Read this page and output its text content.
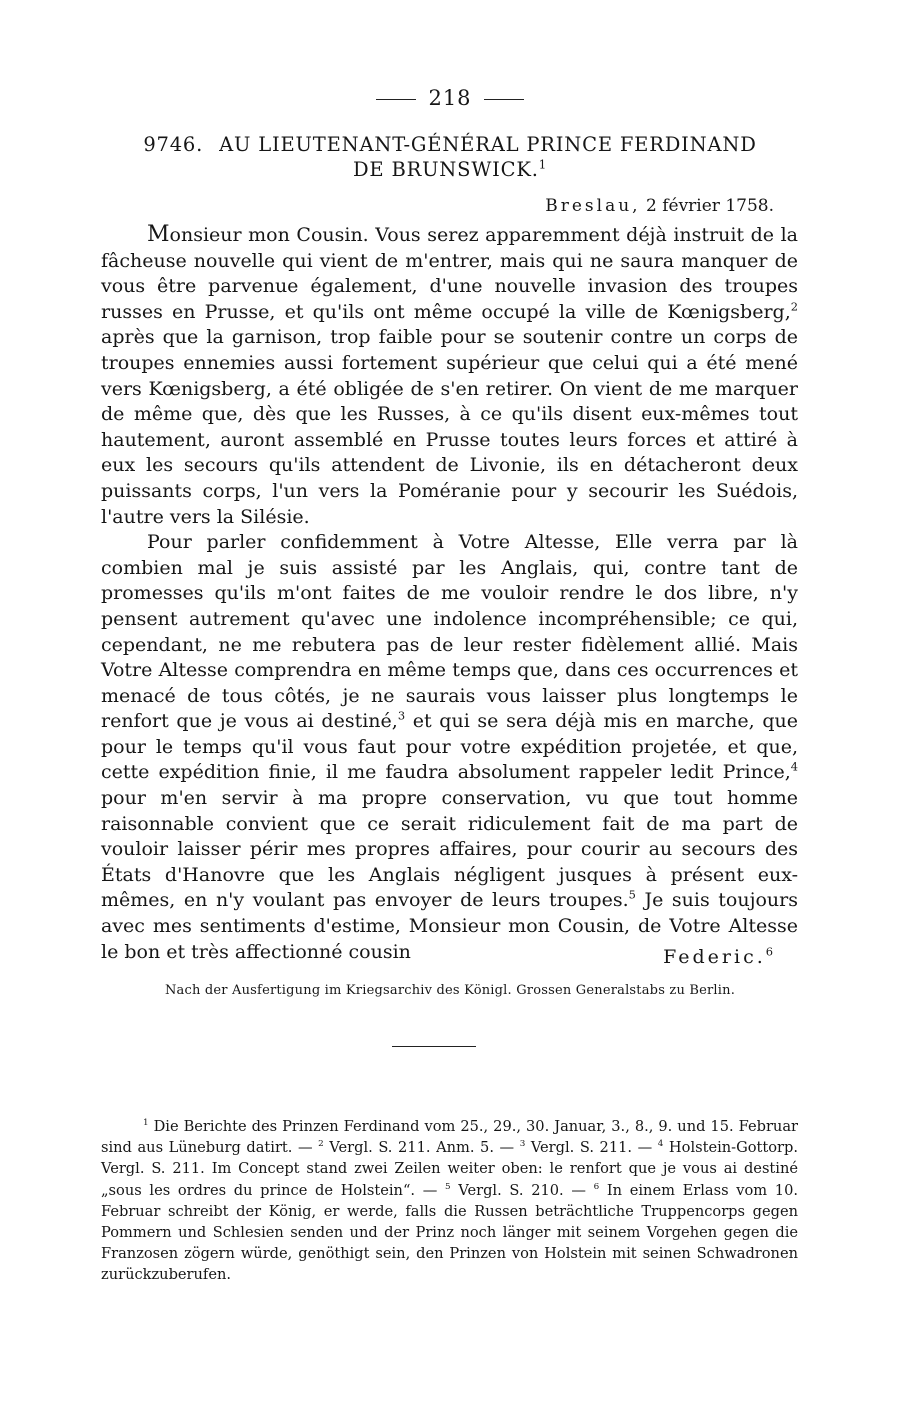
218
9746. AU LIEUTENANT-GÉNÉRAL PRINCE FERDINAND
DE BRUNSWICK.$^1$
Breslau, 2 février 1758.

Monsieur mon Cousin. Vous serez apparemment déjà instruit de la fâcheuse nouvelle qui vient de m'entrer, mais qui ne saura manquer de vous être parvenue également, d'une nouvelle invasion des troupes russes en Prusse, et qu'ils ont même occupé la ville de Kœnigsberg,$^2$ après que la garnison, trop faible pour se soutenir contre un corps de troupes ennemies aussi fortement supérieur que celui qui a été mené vers Kœnigsberg, a été obligée de s'en retirer. On vient de me marquer de même que, dès que les Russes, à ce qu'ils disent eux-mêmes tout hautement, auront assemblé en Prusse toutes leurs forces et attiré à eux les secours qu'ils attendent de Livonie, ils en détacheront deux puissants corps, l'un vers la Poméranie pour y secourir les Suédois, l'autre vers la Silésie.

Pour parler confidemment à Votre Altesse, Elle verra par là combien mal je suis assisté par les Anglais, qui, contre tant de promesses qu'ils m'ont faites de me vouloir rendre le dos libre, n'y pensent autrement qu'avec une indolence incompréhensible; ce qui, cependant, ne me rebutera pas de leur rester fidèlement allié. Mais Votre Altesse comprendra en même temps que, dans ces occurrences et menacé de tous côtés, je ne saurais vous laisser plus longtemps le renfort que je vous ai destiné,$^3$ et qui se sera déjà mis en marche, que pour le temps qu'il vous faut pour votre expédition projetée, et que, cette expédition finie, il me faudra absolument rappeler ledit Prince,$^4$ pour m'en servir à ma propre conservation, vu que tout homme raisonnable convient que ce serait ridiculement fait de ma part de vouloir laisser périr mes propres affaires, pour courir au secours des États d'Hanovre que les Anglais négligent jusques à présent eux-mêmes, en n'y voulant pas envoyer de leurs troupes.$^5$ Je suis toujours avec mes sentiments d'estime, Monsieur mon Cousin, de Votre Altesse le bon et très affectionné cousin	Federic.$^6$
Nach der Ausfertigung im Kriegsarchiv des Königl. Grossen Generalstabs zu Berlin.

$^1$ Die Berichte des Prinzen Ferdinand vom 25., 29., 30. Januar, 3., 8., 9. und 15. Februar sind aus Lüneburg datirt. — $^2$ Vergl. S. 211. Anm. 5. — $^3$ Vergl. S. 211. — $^4$ Holstein-Gottorp. Vergl. S. 211. Im Concept stand zwei Zeilen weiter oben: le renfort que je vous ai destiné „sous les ordres du prince de Holstein“. — $^5$ Vergl. S. 210. — $^6$ In einem Erlass vom 10. Februar schreibt der König, er werde, falls die Russen beträchtliche Truppencorps gegen Pommern und Schlesien senden und der Prinz noch länger mit seinem Vorgehen gegen die Franzosen zögern würde, genöthigt sein, den Prinzen von Holstein mit seinen Schwadronen zurückzuberufen.
